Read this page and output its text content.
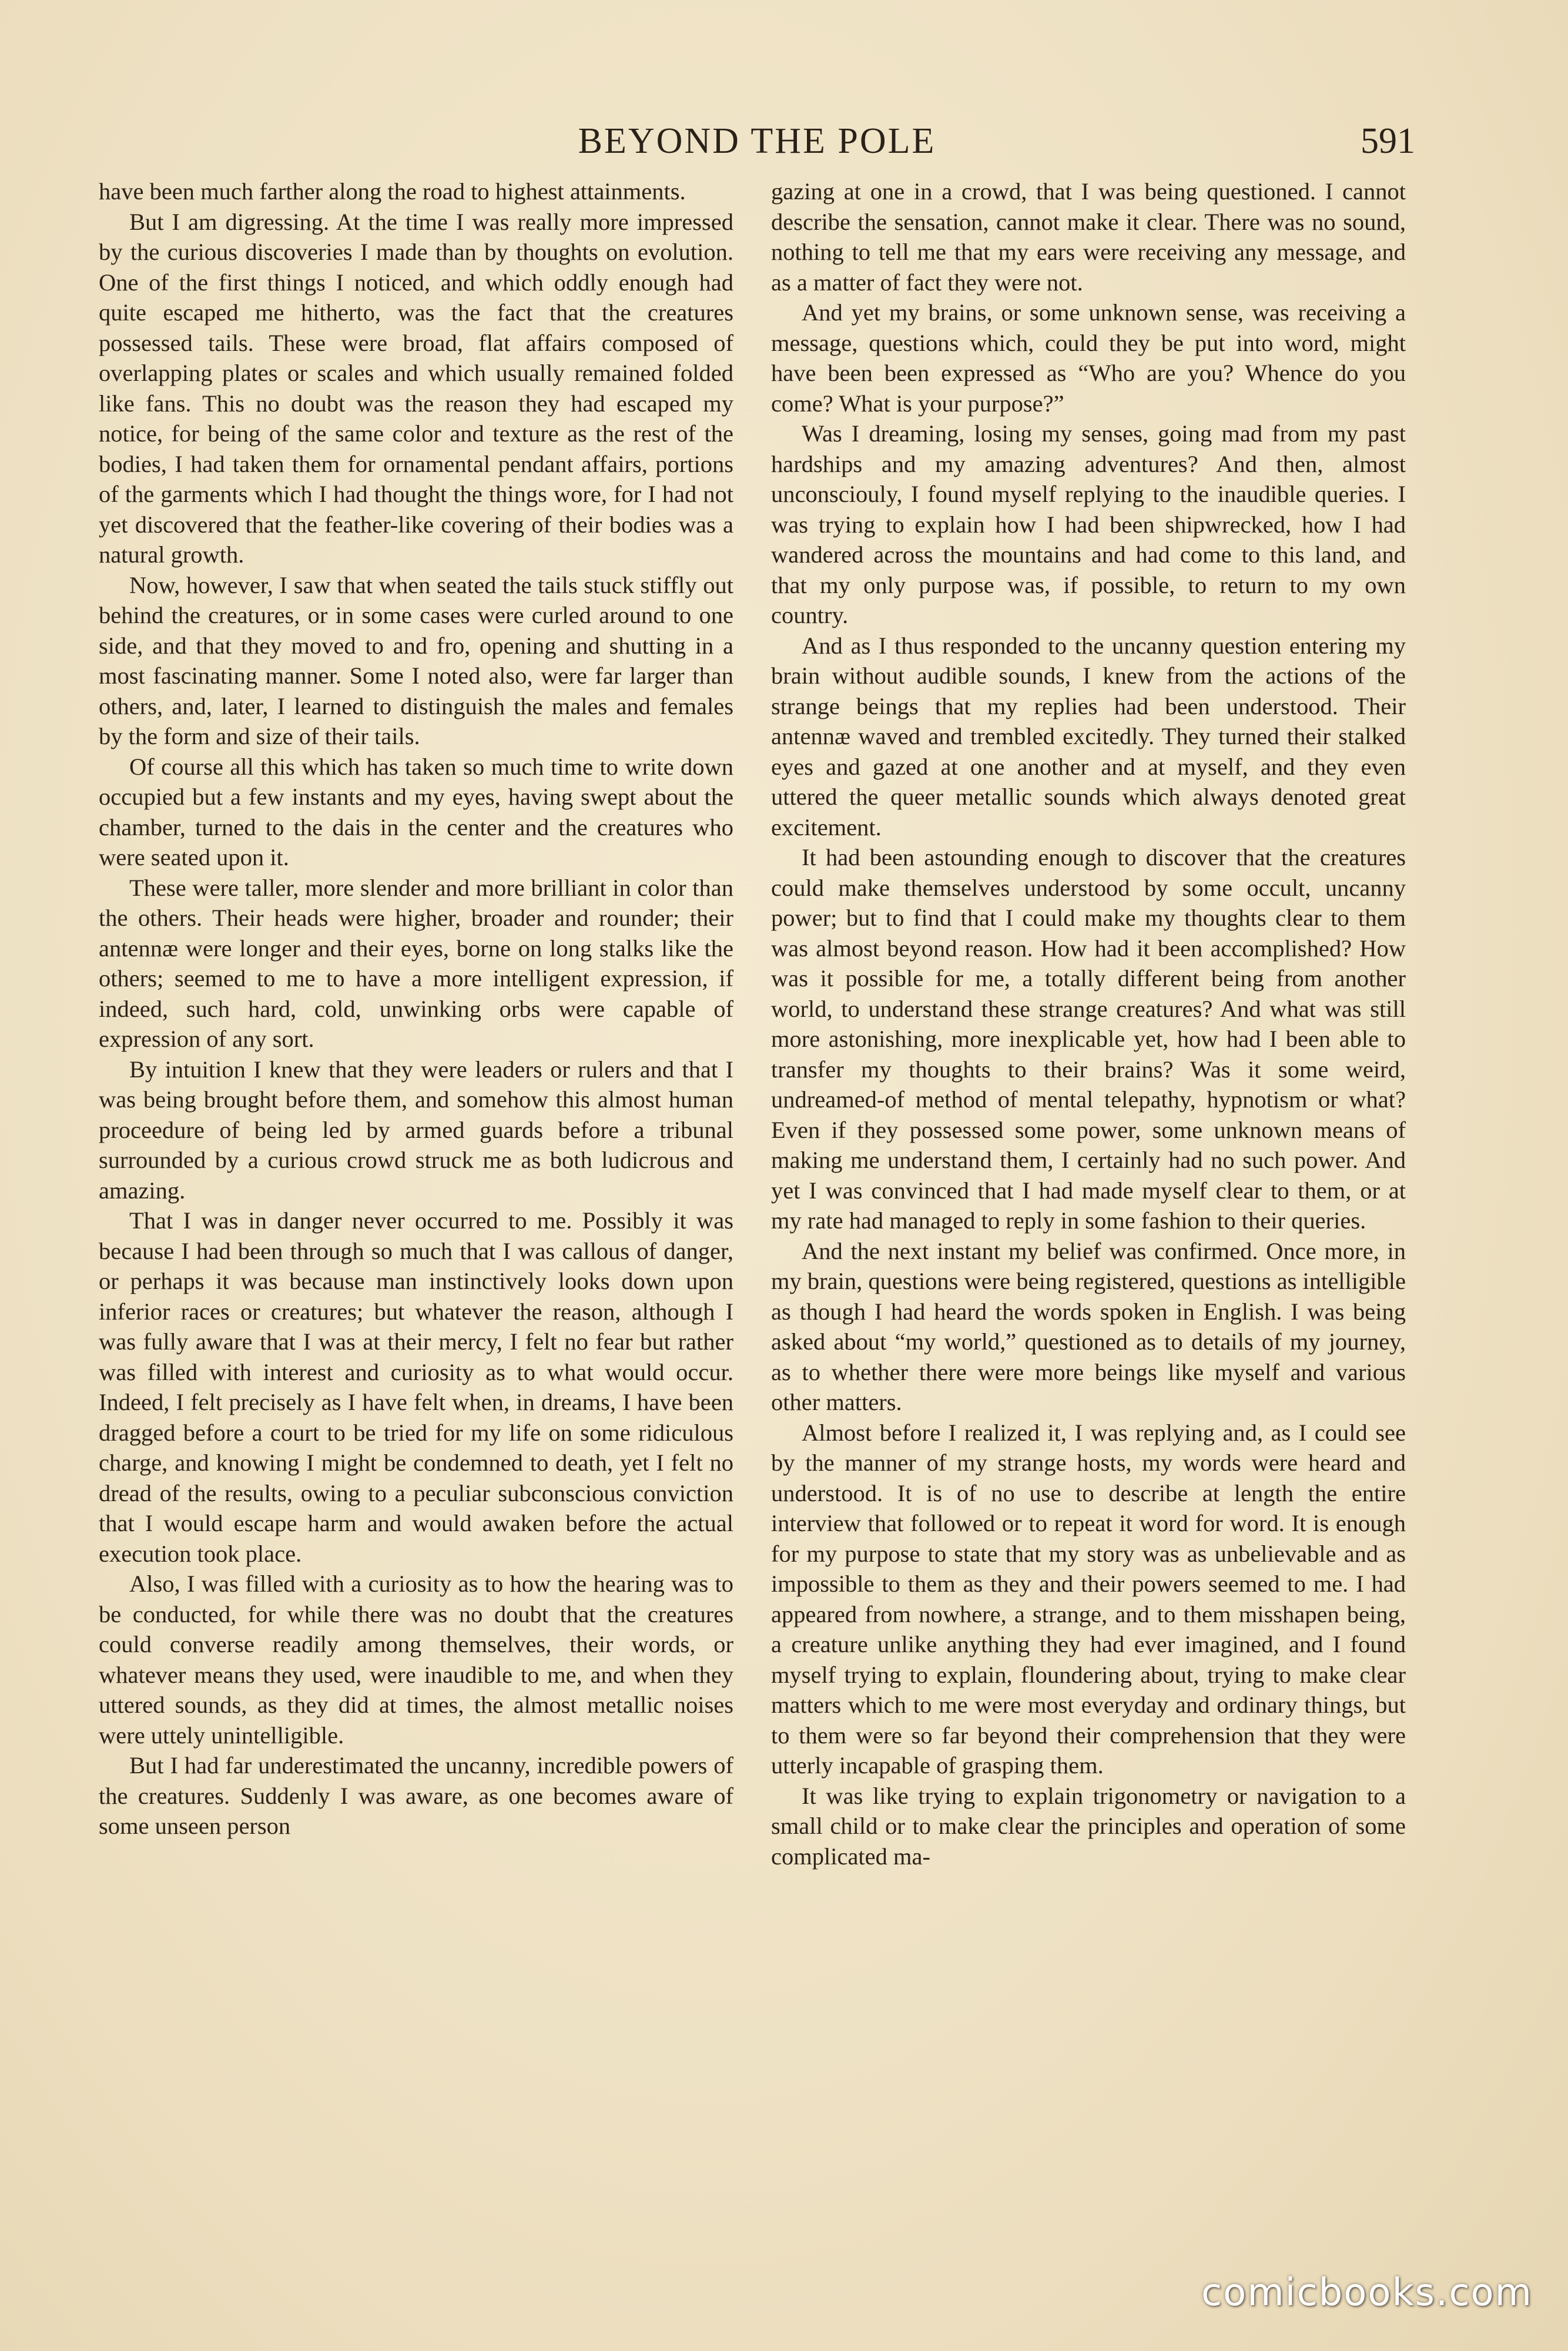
BEYOND THE POLE	591

have been much farther along the road to highest attainments.

But I am digressing. At the time I was really more impressed by the curious discoveries I made than by thoughts on evolution. One of the first things I noticed, and which oddly enough had quite escaped me hitherto, was the fact that the creatures possessed tails. These were broad, flat affairs composed of overlapping plates or scales and which usually remained folded like fans. This no doubt was the reason they had escaped my notice, for being of the same color and texture as the rest of the bodies, I had taken them for ornamental pendant affairs, portions of the garments which I had thought the things wore, for I had not yet discovered that the feather-like covering of their bodies was a natural growth.

Now, however, I saw that when seated the tails stuck stiffly out behind the creatures, or in some cases were curled around to one side, and that they moved to and fro, opening and shutting in a most fascinating manner. Some I noted also, were far larger than others, and, later, I learned to distinguish the males and females by the form and size of their tails.

Of course all this which has taken so much time to write down occupied but a few instants and my eyes, having swept about the chamber, turned to the dais in the center and the creatures who were seated upon it.

These were taller, more slender and more brilliant in color than the others. Their heads were higher, broader and rounder; their antennæ were longer and their eyes, borne on long stalks like the others; seemed to me to have a more intelligent expression, if indeed, such hard, cold, unwinking orbs were capable of expression of any sort.

By intuition I knew that they were leaders or rulers and that I was being brought before them, and somehow this almost human proceedure of being led by armed guards before a tribunal surrounded by a curious crowd struck me as both ludicrous and amazing.

That I was in danger never occurred to me. Possibly it was because I had been through so much that I was callous of danger, or perhaps it was because man instinctively looks down upon inferior races or creatures; but whatever the reason, although I was fully aware that I was at their mercy, I felt no fear but rather was filled with interest and curiosity as to what would occur. Indeed, I felt precisely as I have felt when, in dreams, I have been dragged before a court to be tried for my life on some ridiculous charge, and knowing I might be condemned to death, yet I felt no dread of the results, owing to a peculiar subconscious conviction that I would escape harm and would awaken before the actual execution took place.

Also, I was filled with a curiosity as to how the hearing was to be conducted, for while there was no doubt that the creatures could converse readily among themselves, their words, or whatever means they used, were inaudible to me, and when they uttered sounds, as they did at times, the almost metallic noises were uttely unintelligible.

But I had far underestimated the uncanny, incredible powers of the creatures. Suddenly I was aware, as one becomes aware of some unseen person

gazing at one in a crowd, that I was being questioned. I cannot describe the sensation, cannot make it clear. There was no sound, nothing to tell me that my ears were receiving any message, and as a matter of fact they were not.

And yet my brains, or some unknown sense, was receiving a message, questions which, could they be put into word, might have been been expressed as “Who are you? Whence do you come? What is your purpose?”

Was I dreaming, losing my senses, going mad from my past hardships and my amazing adventures? And then, almost unconsciouly, I found myself replying to the inaudible queries. I was trying to explain how I had been shipwrecked, how I had wandered across the mountains and had come to this land, and that my only purpose was, if possible, to return to my own country.

And as I thus responded to the uncanny question entering my brain without audible sounds, I knew from the actions of the strange beings that my replies had been understood. Their antennæ waved and trembled excitedly. They turned their stalked eyes and gazed at one another and at myself, and they even uttered the queer metallic sounds which always denoted great excitement.

It had been astounding enough to discover that the creatures could make themselves understood by some occult, uncanny power; but to find that I could make my thoughts clear to them was almost beyond reason. How had it been accomplished? How was it possible for me, a totally different being from another world, to understand these strange creatures? And what was still more astonishing, more inexplicable yet, how had I been able to transfer my thoughts to their brains? Was it some weird, undreamed-of method of mental telepathy, hypnotism or what? Even if they possessed some power, some unknown means of making me understand them, I certainly had no such power. And yet I was convinced that I had made myself clear to them, or at my rate had managed to reply in some fashion to their queries.

And the next instant my belief was confirmed. Once more, in my brain, questions were being registered, questions as intelligible as though I had heard the words spoken in English. I was being asked about “my world,” questioned as to details of my journey, as to whether there were more beings like myself and various other matters.

Almost before I realized it, I was replying and, as I could see by the manner of my strange hosts, my words were heard and understood. It is of no use to describe at length the entire interview that followed or to repeat it word for word. It is enough for my purpose to state that my story was as unbelievable and as impossible to them as they and their powers seemed to me. I had appeared from nowhere, a strange, and to them misshapen being, a creature unlike anything they had ever imagined, and I found myself trying to explain, floundering about, trying to make clear matters which to me were most everyday and ordinary things, but to them were so far beyond their comprehension that they were utterly incapable of grasping them.

It was like trying to explain trigonometry or navigation to a small child or to make clear the principles and operation of some complicated ma-

comicbooks.com
